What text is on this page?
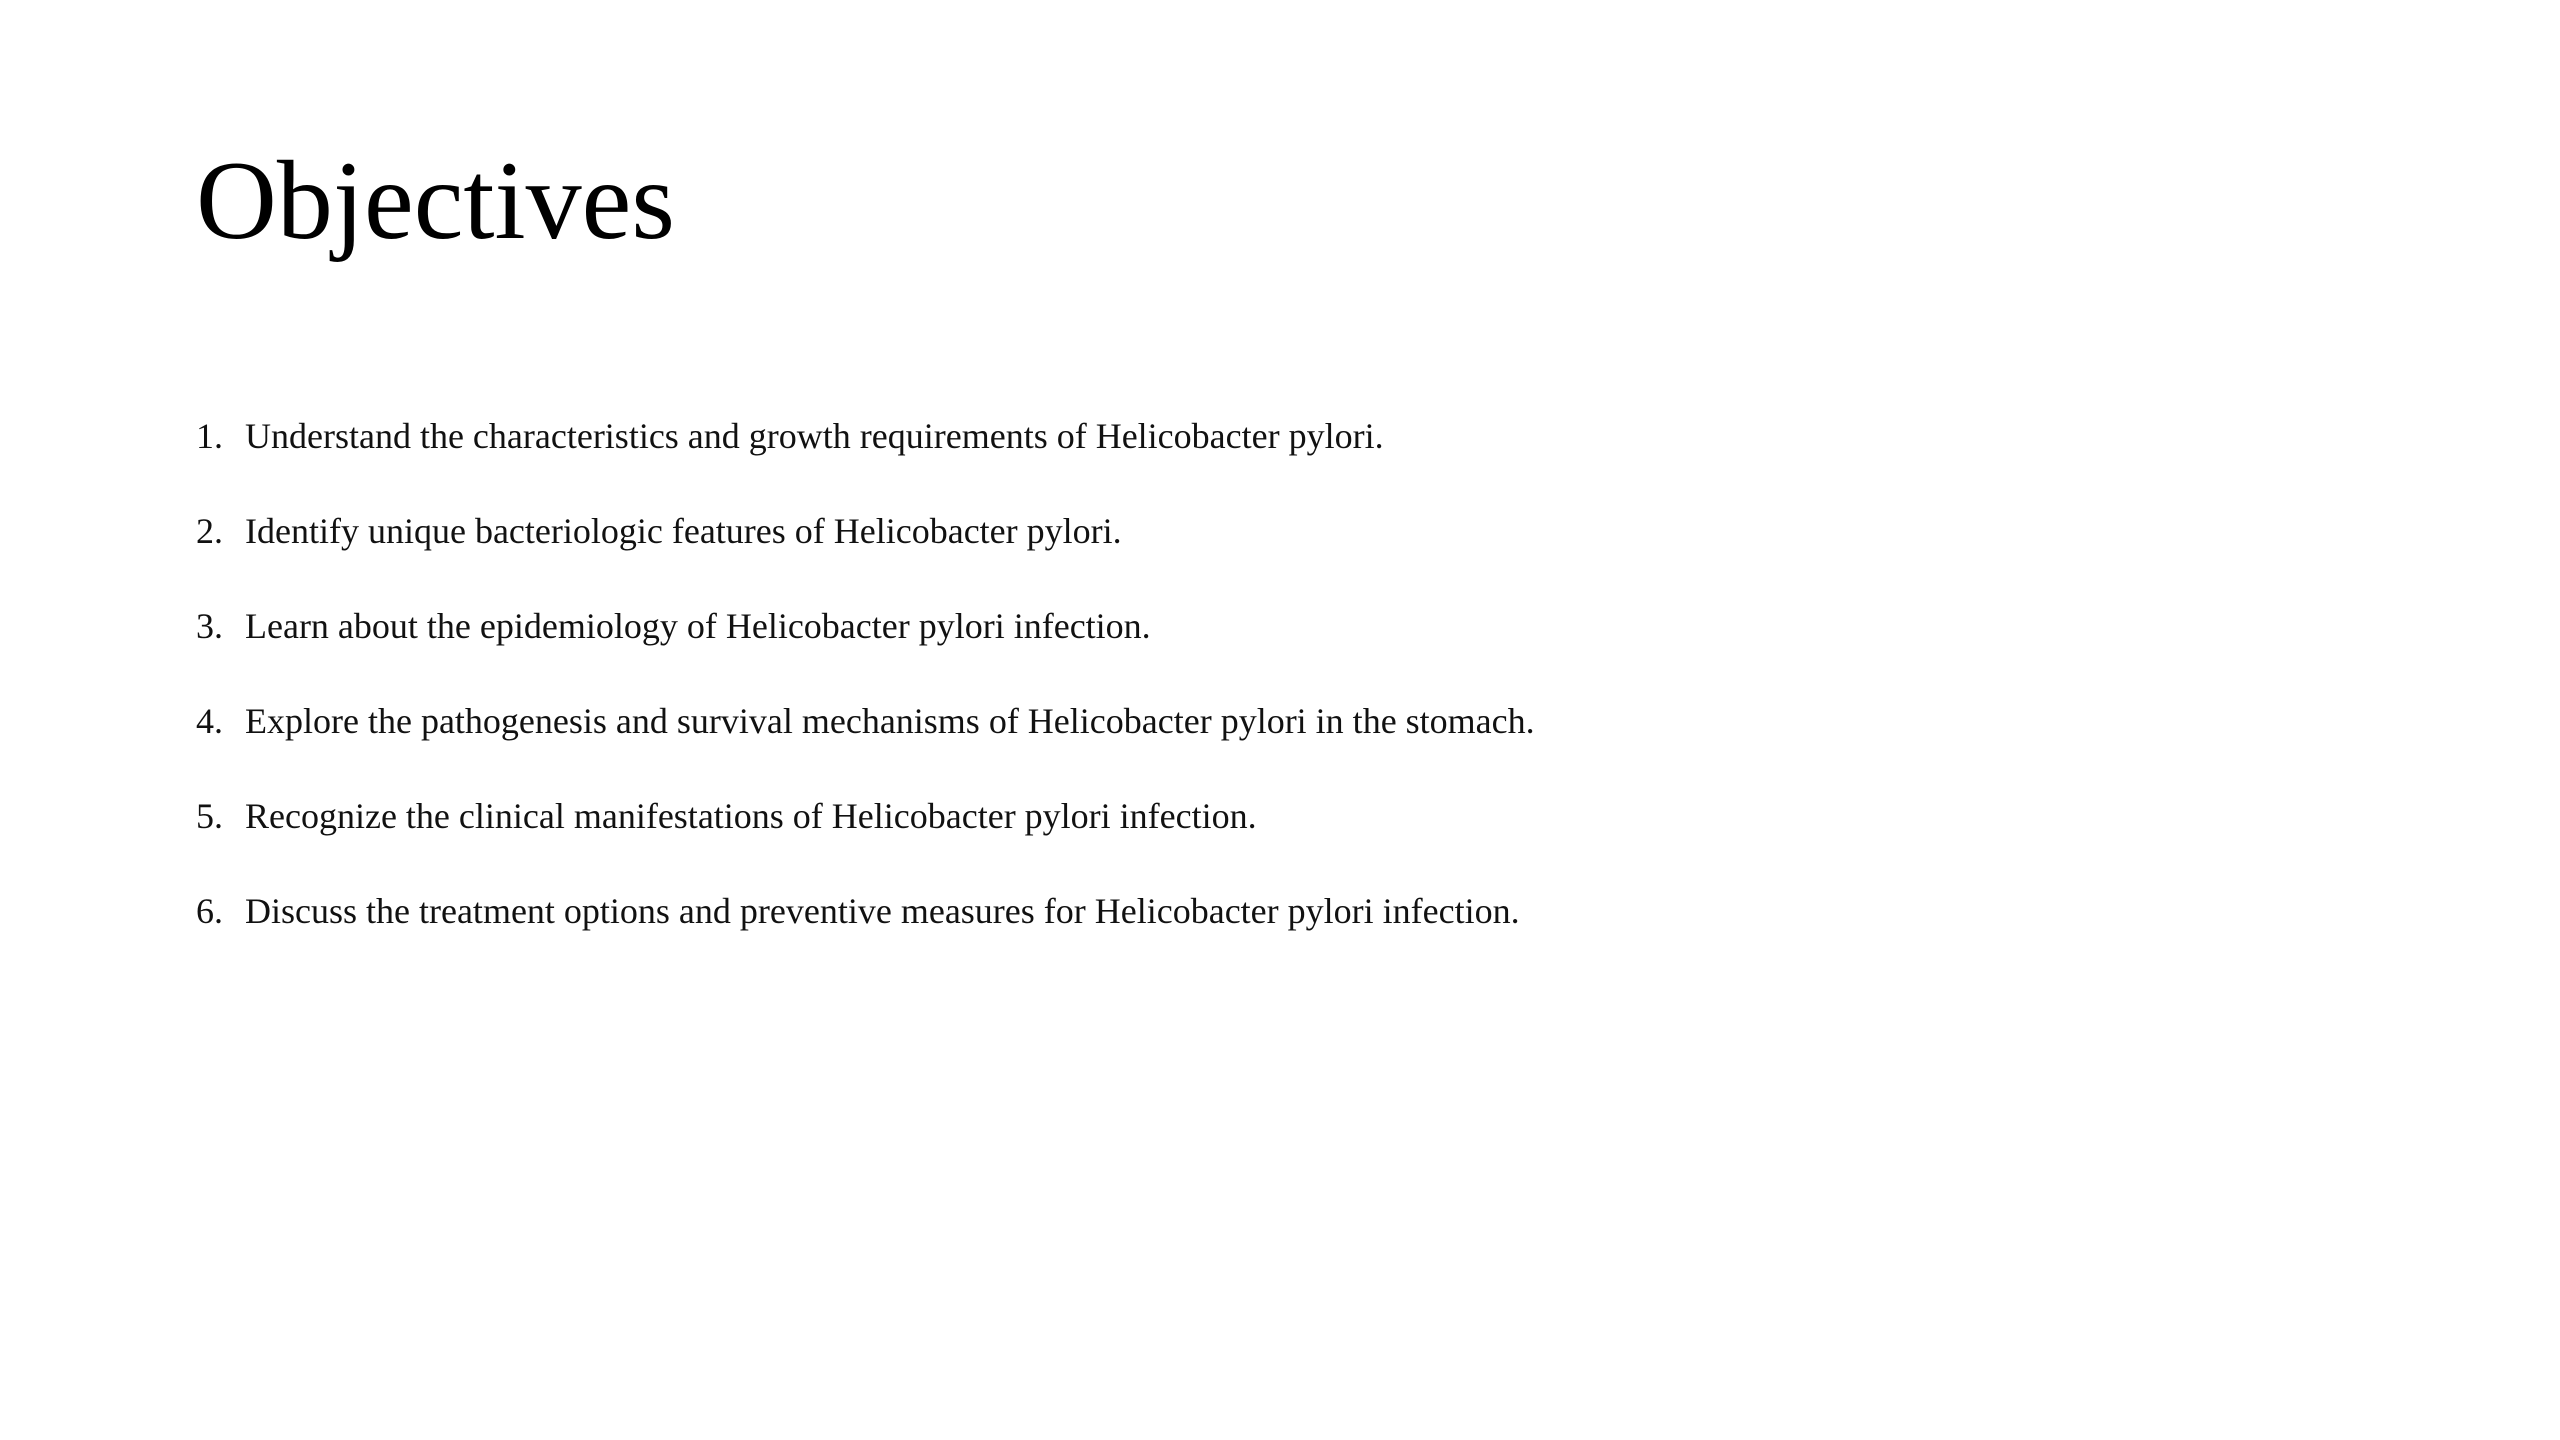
Objectives
1. Understand the characteristics and growth requirements of Helicobacter pylori.
2. Identify unique bacteriologic features of Helicobacter pylori.
3. Learn about the epidemiology of Helicobacter pylori infection.
4. Explore the pathogenesis and survival mechanisms of Helicobacter pylori in the stomach.
5. Recognize the clinical manifestations of Helicobacter pylori infection.
6. Discuss the treatment options and preventive measures for Helicobacter pylori infection.
